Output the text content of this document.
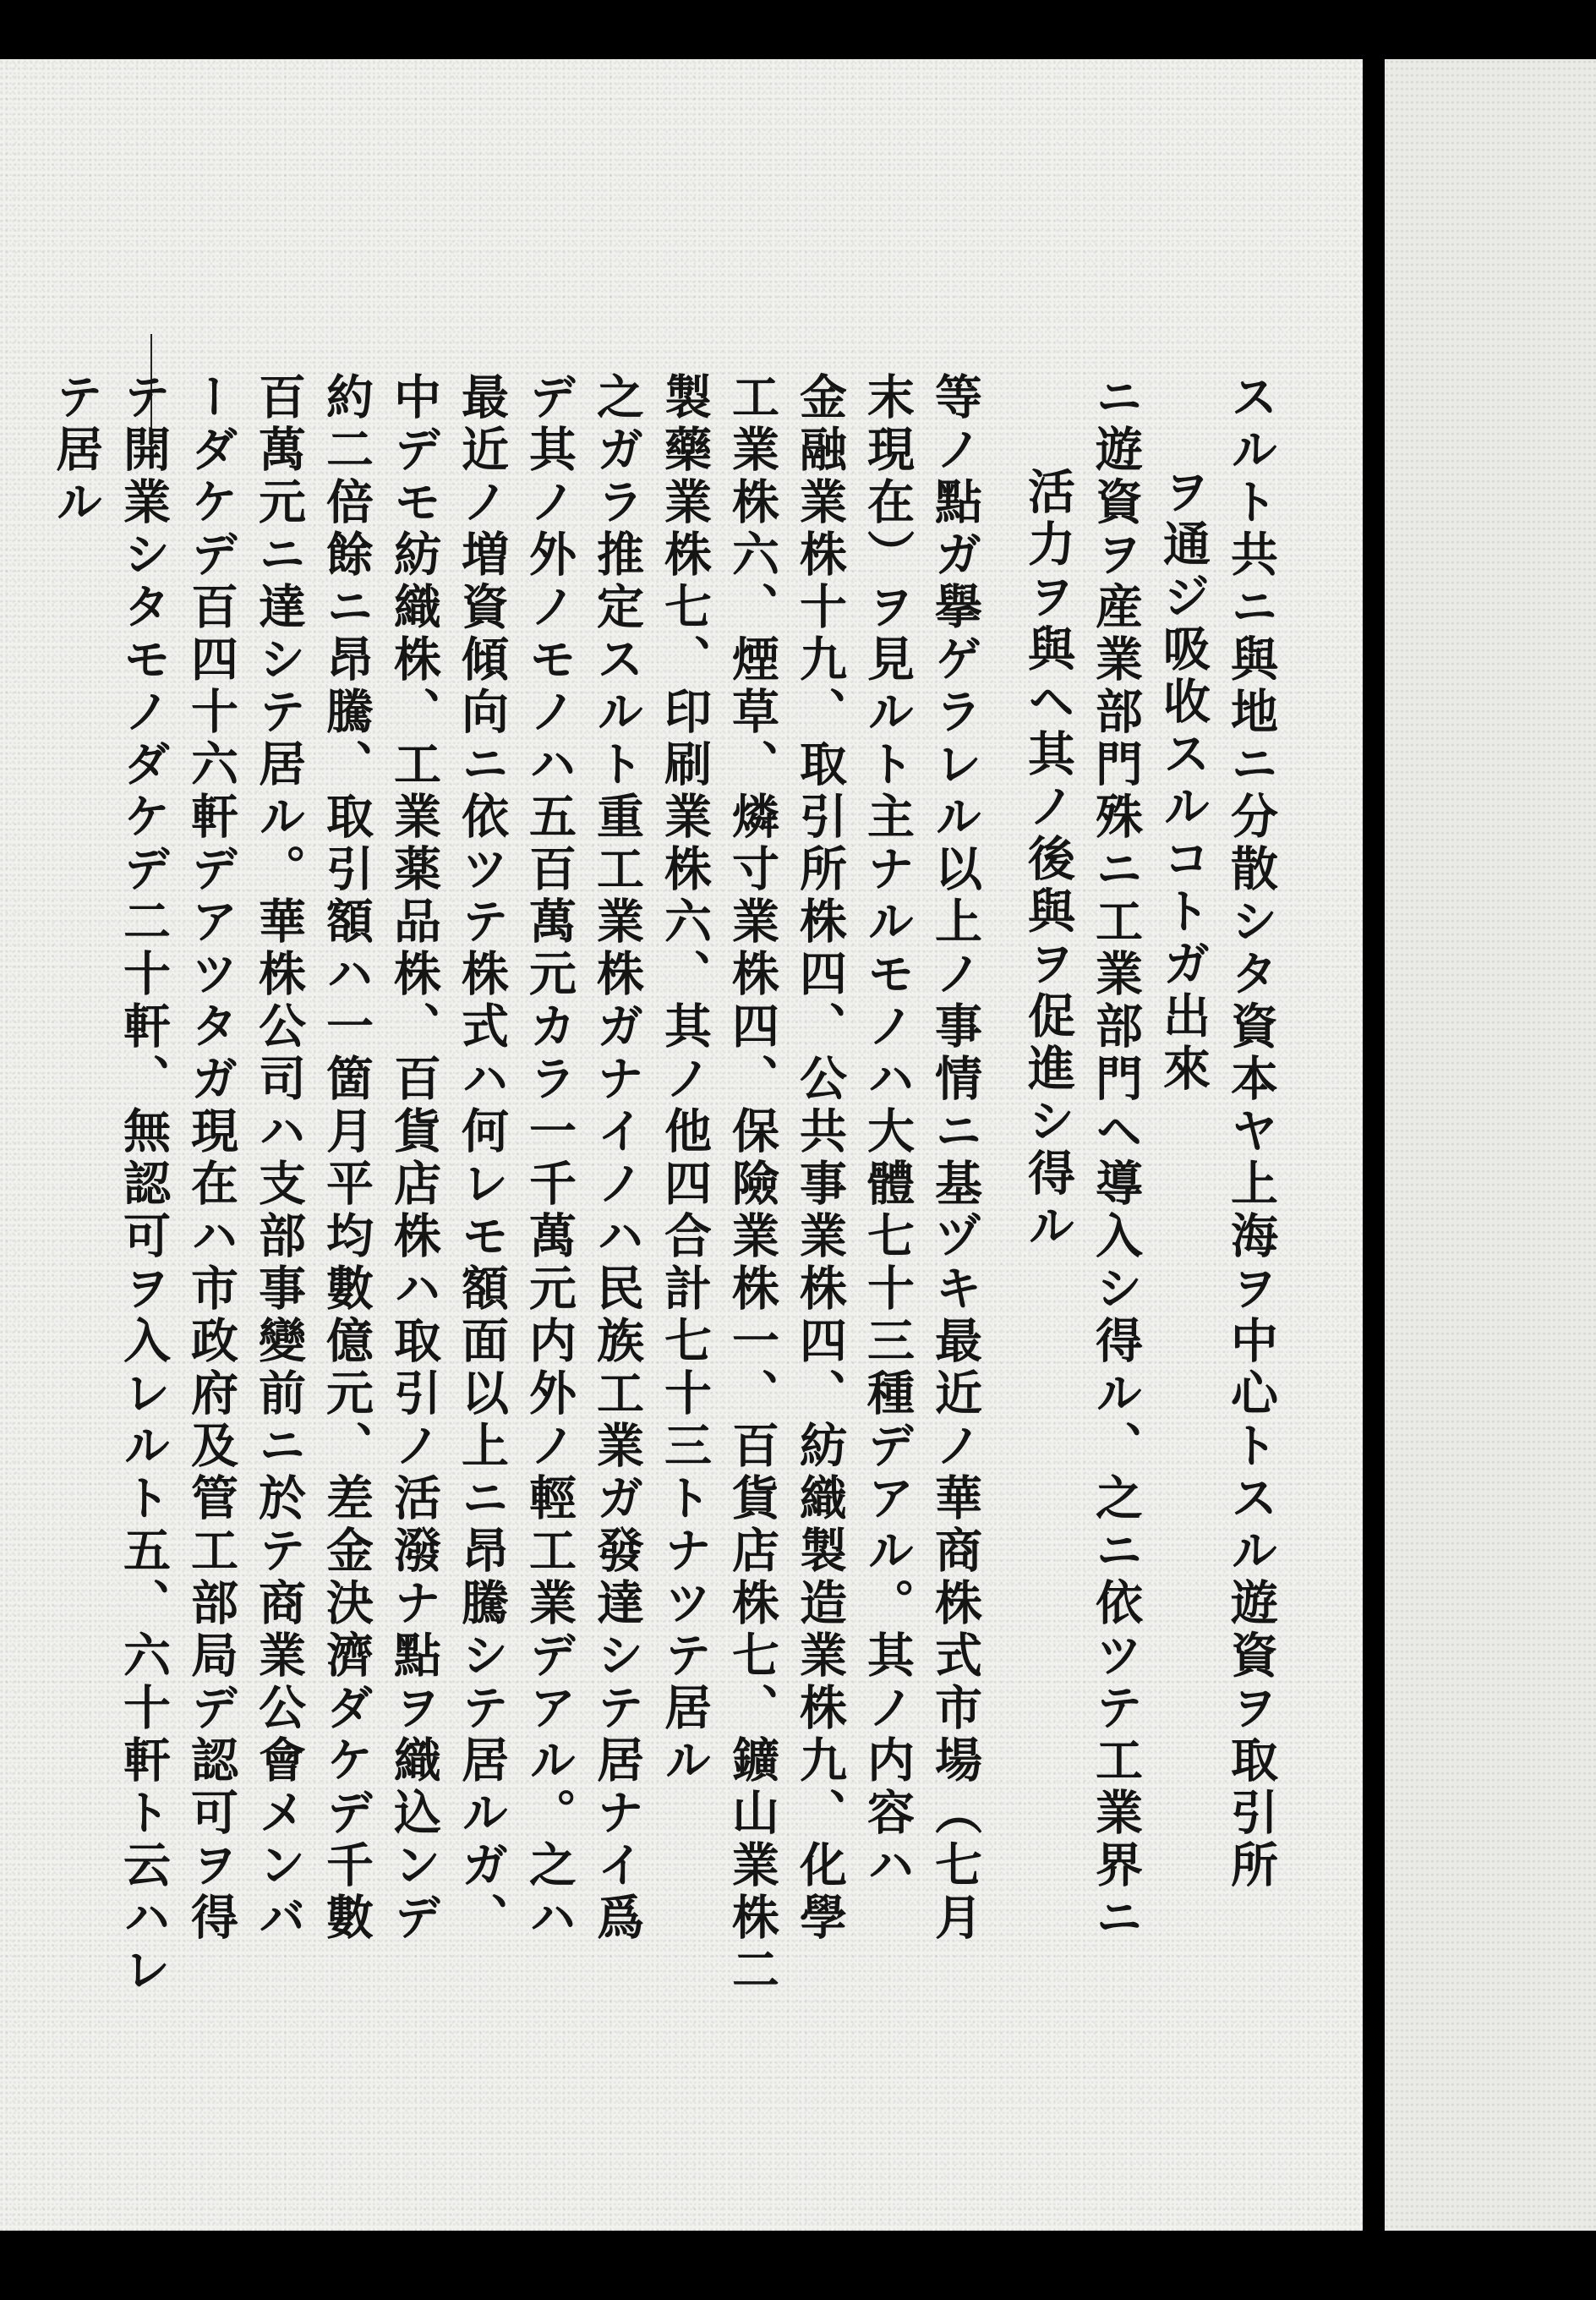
スルト共ニ與地ニ分散シタ資本ヤ上海ヲ中心トスル遊資ヲ取引所

ヲ通ジ吸收スルコトガ出來

ニ遊資ヲ産業部門殊ニ工業部門ヘ導入シ得ル、之ニ依ツテ工業界ニ

活力ヲ與ヘ其ノ後與ヲ促進シ得ル

等ノ點ガ擧ゲラレル以上ノ事情ニ基ヅキ最近ノ華商株式市場（七月

末現在）ヲ見ルト主ナルモノハ大體七十三種デアル。其ノ内容ハ

金融業株十九、取引所株四、公共事業株四、紡織製造業株九、化學

工業株六、煙草、燐寸業株四、保險業株一、百貨店株七、鑛山業株二

製藥業株七、印刷業株六、其ノ他四合計七十三トナツテ居ル

之ガラ推定スルト重工業株ガナイノハ民族工業ガ發達シテ居ナイ爲

デ其ノ外ノモノハ五百萬元カラ一千萬元内外ノ輕工業デアル。之ハ

最近ノ増資傾向ニ依ツテ株式ハ何レモ額面以上ニ昂騰シテ居ルガ、

中デモ紡織株、工業薬品株、百貨店株ハ取引ノ活潑ナ點ヲ織込ンデ

約二倍餘ニ昂騰、取引額ハ一箇月平均數億元、差金決濟ダケデ千數

百萬元ニ達シテ居ル。華株公司ハ支部事變前ニ於テ商業公會メンバ

ーダケデ百四十六軒デアツタガ現在ハ市政府及管工部局デ認可ヲ得

テ開業シタモノダケデ二十軒、無認可ヲ入レルト五、六十軒ト云ハレ

テ居ル
